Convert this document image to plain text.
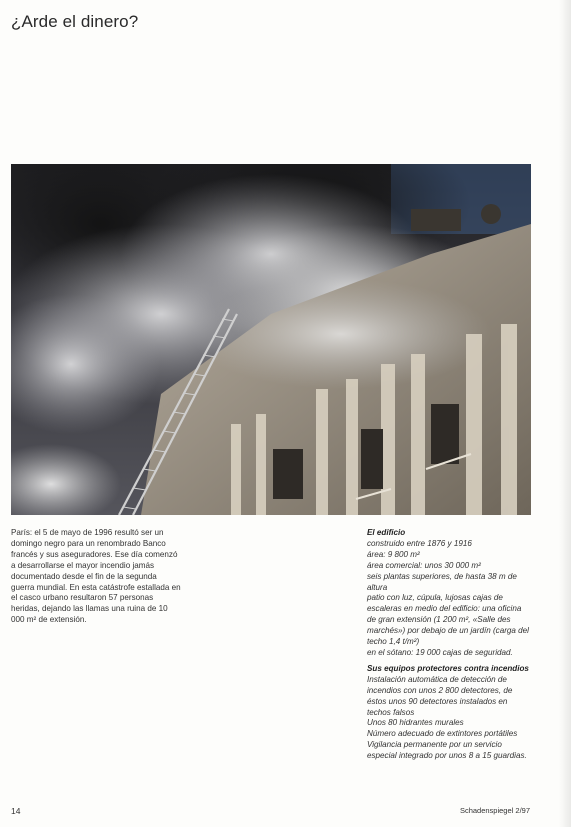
¿Arde el dinero?
París: el 5 de mayo de 1996 resultó ser un domingo negro para un renombrado Banco francés y sus aseguradores. Ese día comenzó a desarrollarse el mayor incendio jamás documentado desde el fin de la segunda guerra mundial. En esta catástrofe estallada en el casco urbano resultaron 57 personas heridas, dejando las llamas una ruina de 10 000 m² de extensión.
El edificio
construido entre 1876 y 1916
área: 9 800 m²
área comercial: unos 30 000 m²
seis plantas superiores, de hasta 38 m de altura
patio con luz, cúpula, lujosas cajas de escaleras en medio del edificio: una oficina de gran extensión (1 200 m², «Salle des marchés») por debajo de un jardín (carga del techo 1,4 t/m²)
en el sótano: 19 000 cajas de seguridad.
Sus equipos protectores contra incendios
Instalación automática de detección de incendios con unos 2 800 detectores, de éstos unos 90 detectores instalados en techos falsos
Unos 80 hidrantes murales
Número adecuado de extintores portátiles
Vigilancia permanente por un servicio especial integrado por unos 8 a 15 guardias.
14	Schadenspiegel 2/97
